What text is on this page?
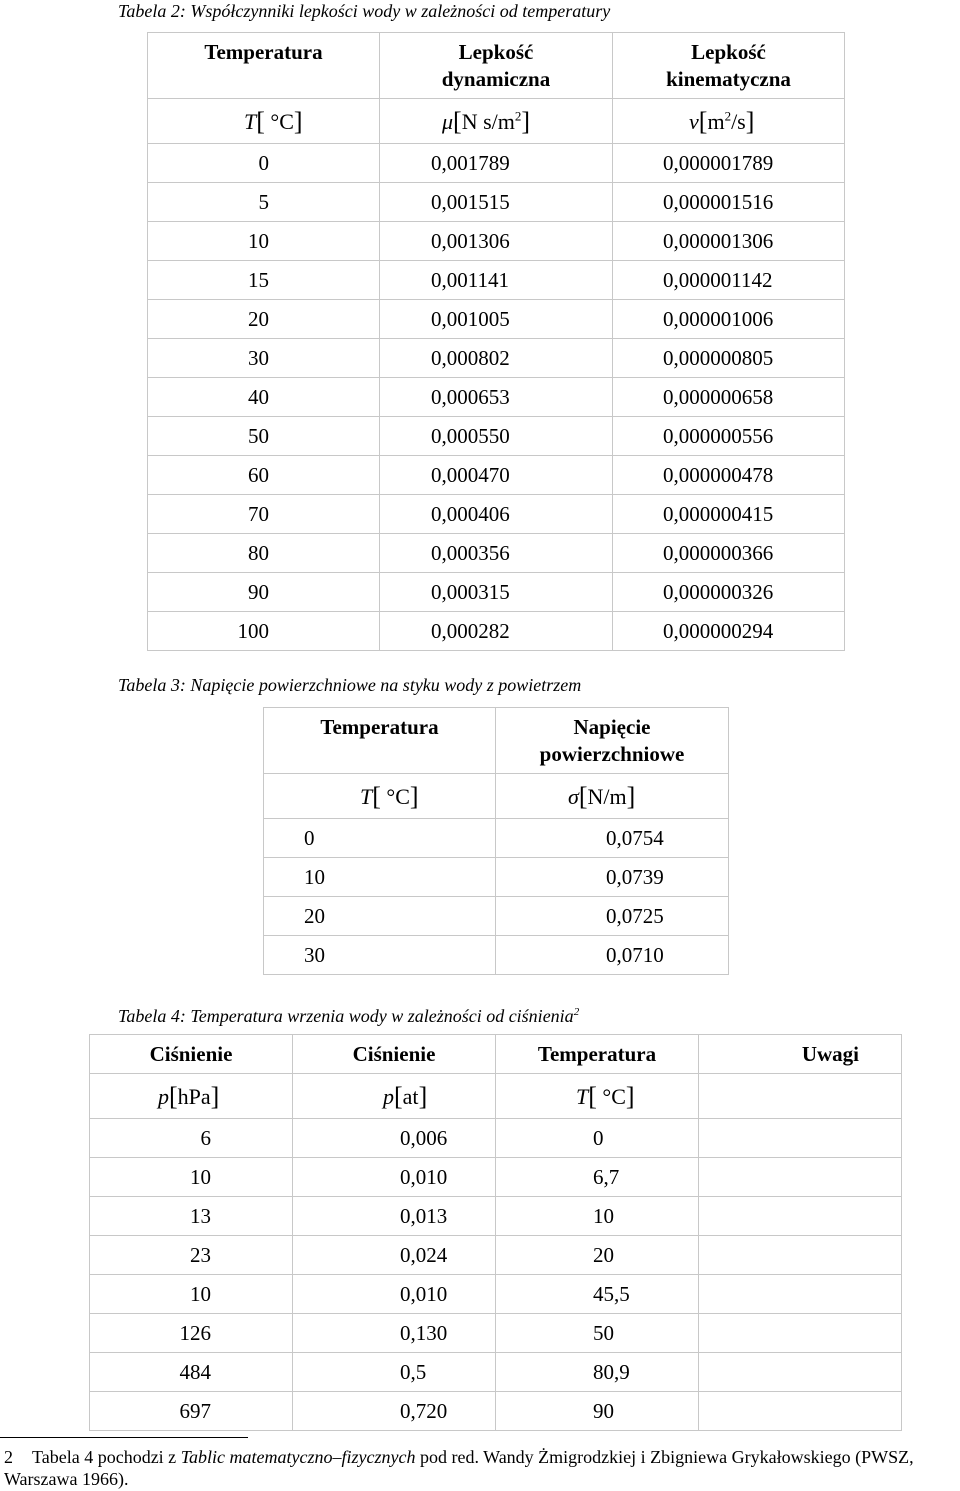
Tabela 2: Współczynniki lepkości wody w zależności od temperatury
Temperatura	Lepkość dynamiczna	Lepkość kinematyczna
T[ °C]	μ[N $s/m^2$]	$v[m^2/s]$
0	0,001789	0,000001789
5	0,001515	0,000001516
10	0,001306	0,000001306
15	0,001141	0,000001142
20	0,001005	0,000001006
30	0,000802	0,000000805
40	0,000653	0,000000658
50	0,000550	0,000000556
60	0,000470	0,000000478
70	0,000406	0,000000415
80	0,000356	0,000000366
90	0,000315	0,000000326
100	0,000282	0,000000294
Tabela 3: Napięcie powierzchniowe na styku wody z powietrzem
Temperatura	Napięcie powierzchniowe
T[ °C]	σ[N/m]
0	0,0754
10	0,0739
20	0,0725
30	0,0710
Tabela 4: Temperatura wrzenia wody w zależności od ciśnienia$^2$
Ciśnienie	Ciśnienie	Temperatura	Uwagi
p[hPa]	p[at]	T[ °C]	
6	0,006	0	
10	0,010	6,7	
13	0,013	10	
23	0,024	20	
10	0,010	45,5	
126	0,130	50	
484	0,5	80,9	
697	0,720	90	
2 Tabela 4 pochodzi z Tablic matematyczno–fizycznych pod red. Wandy Żmigrodzkiej i Zbigniewa Grykałowskiego (PWSZ, Warszawa 1966).
